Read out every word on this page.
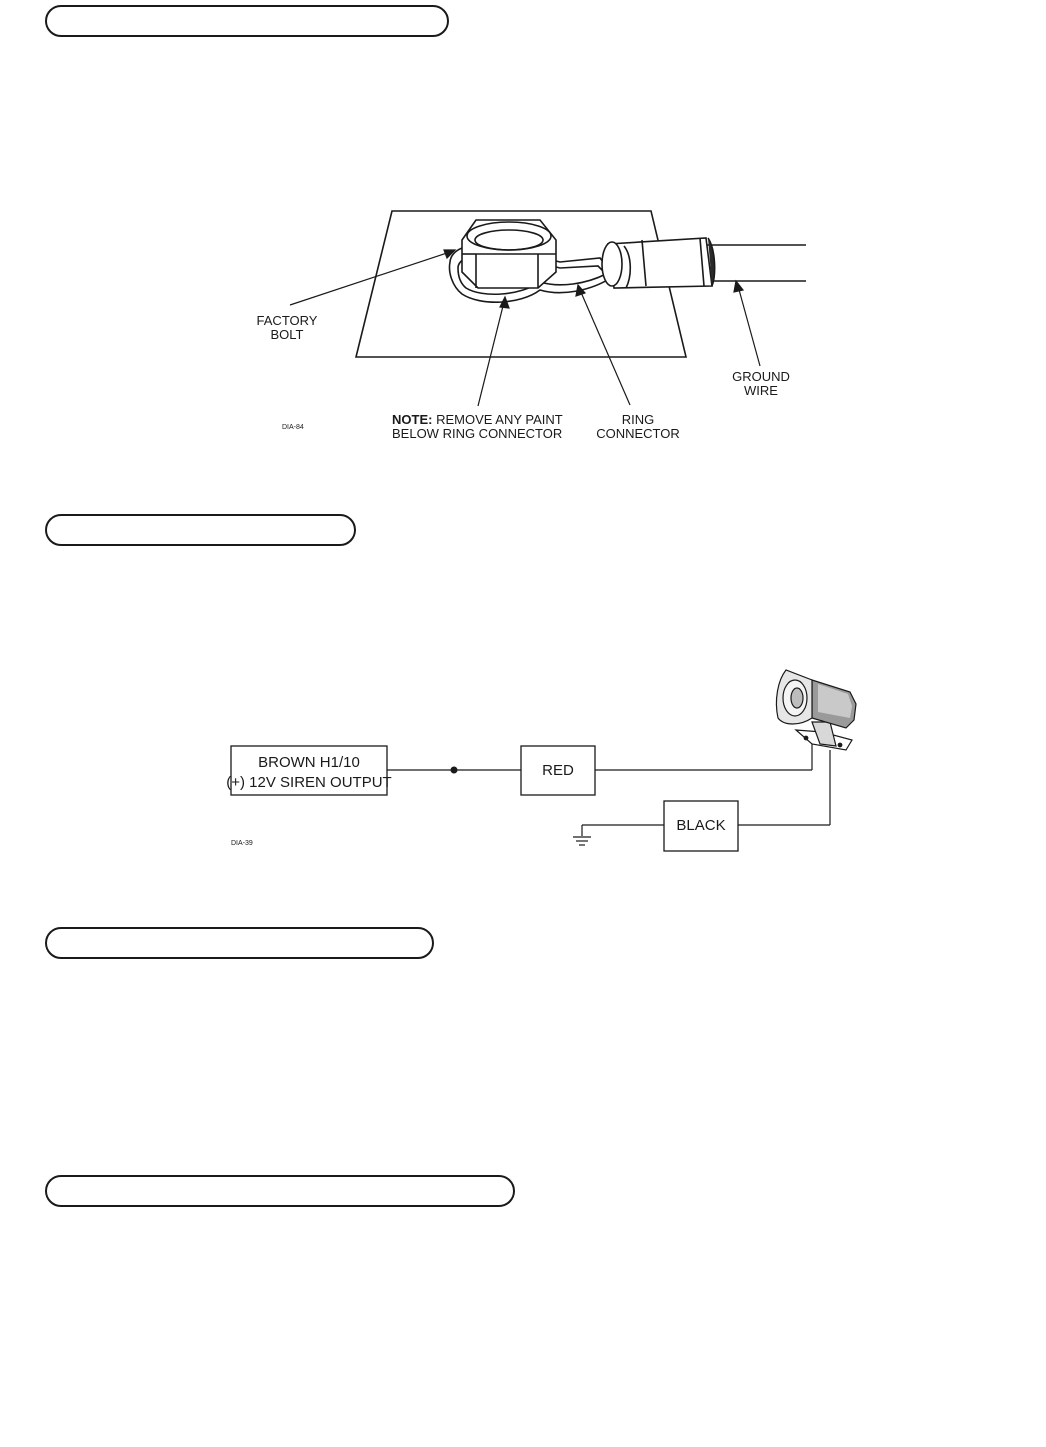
FACTORY
BOLT
GROUND
WIRE
RING
CONNECTOR
NOTE: REMOVE ANY PAINT
BELOW RING CONNECTOR
DIA-84
BROWN H1/10
(+) 12V SIREN OUTPUT
RED
BLACK
DIA-39
